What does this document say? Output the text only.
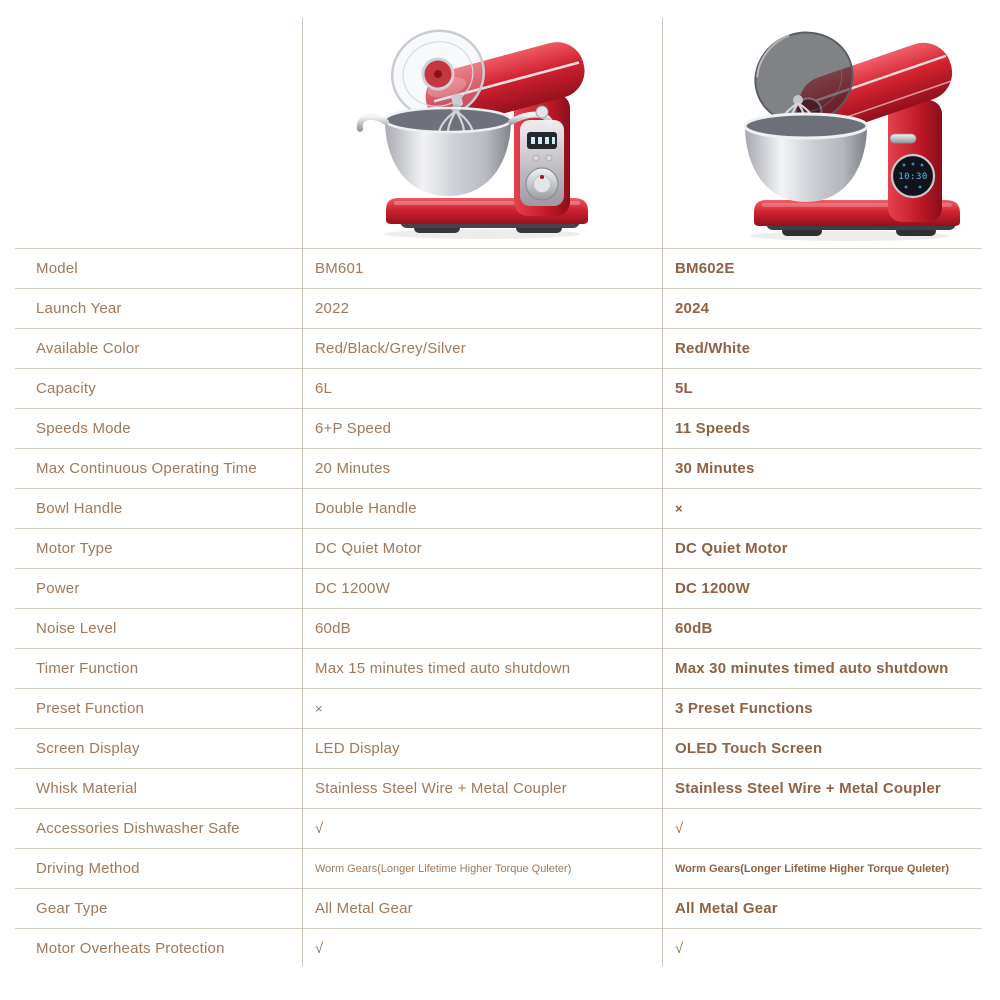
10:30
Model	BM601	BM602E
Launch Year	2022	2024
Available Color	Red/Black/Grey/Silver	Red/White
Capacity	6L	5L
Speeds Mode	6+P Speed	11 Speeds
Max Continuous Operating Time	20 Minutes	30 Minutes
Bowl Handle	Double Handle	×
Motor Type	DC Quiet Motor	DC Quiet Motor
Power	DC 1200W	DC 1200W
Noise Level	60dB	60dB
Timer Function	Max 15 minutes timed auto shutdown	Max 30 minutes timed auto shutdown
Preset Function	×	3 Preset Functions
Screen Display	LED Display	OLED Touch Screen
Whisk Material	Stainless Steel Wire + Metal Coupler	Stainless Steel Wire + Metal Coupler
Accessories Dishwasher Safe	√	√
Driving Method	Worm Gears(Longer Lifetime Higher Torque Quleter)	Worm Gears(Longer Lifetime Higher Torque Quleter)
Gear Type	All Metal Gear	All Metal Gear
Motor Overheats Protection	√	√
